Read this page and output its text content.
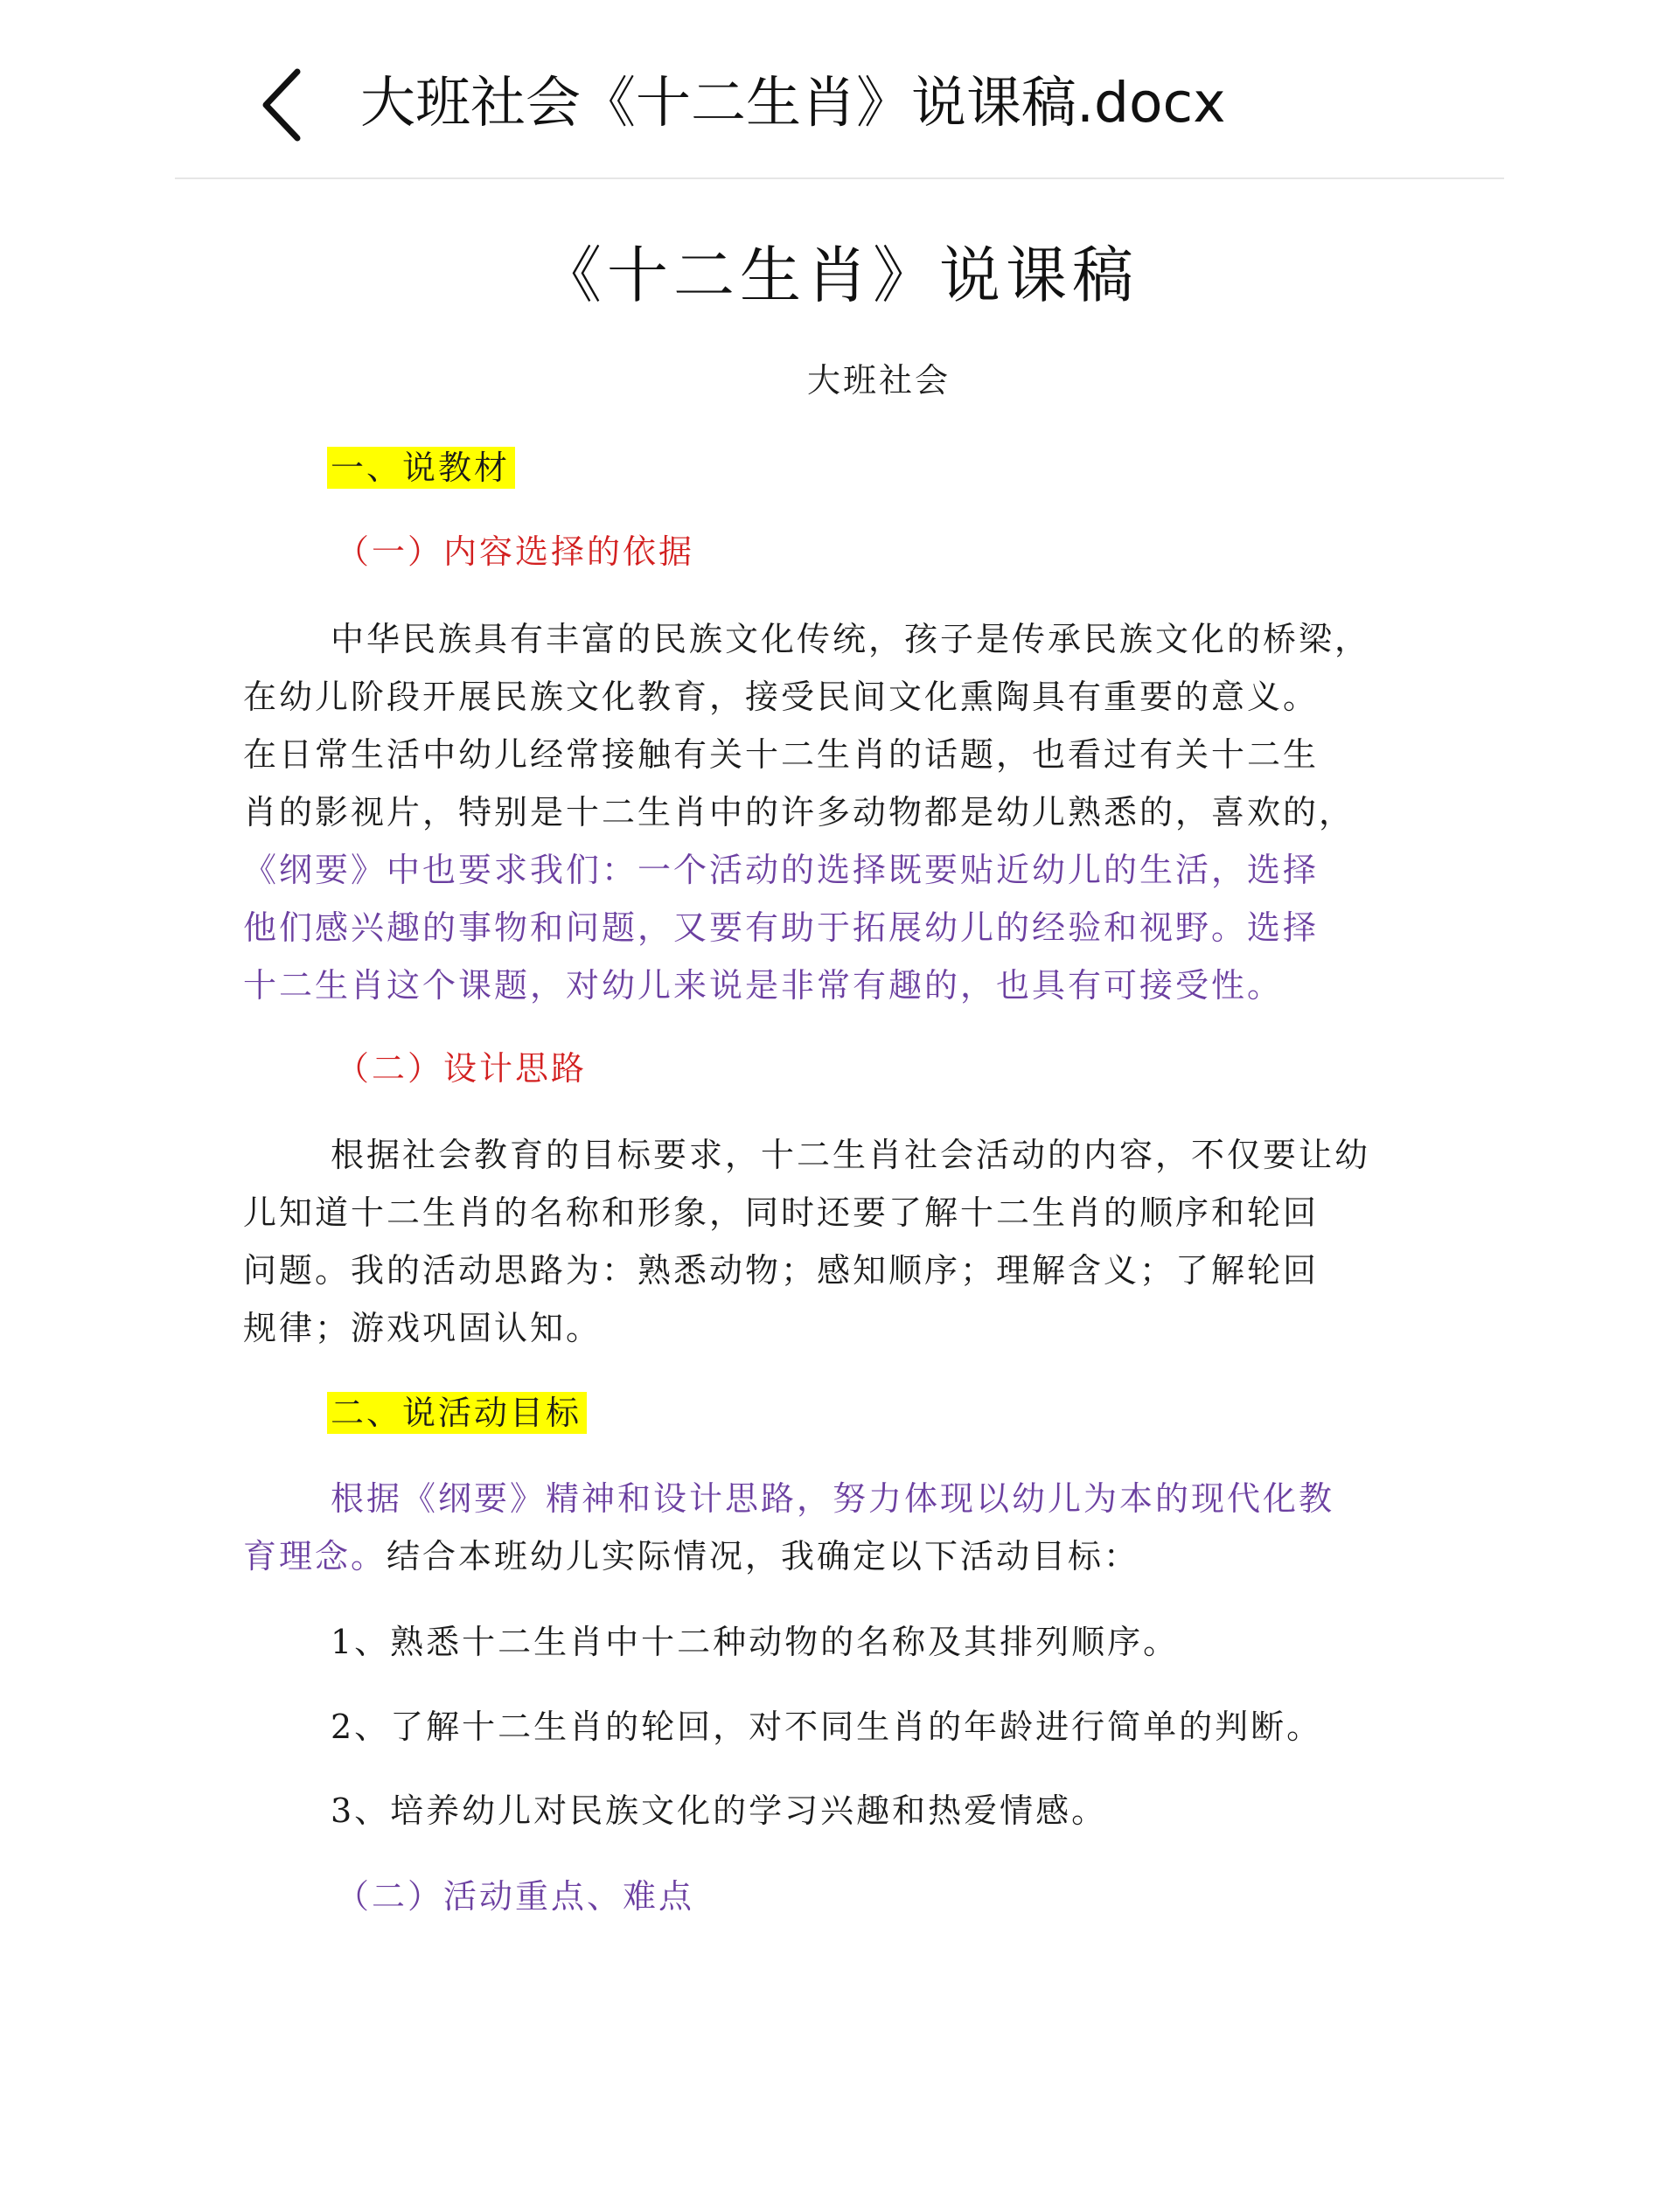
大班社会《十二生肖》说课稿.docx
《十二生肖》说课稿
大班社会
一、说教材
（一）内容选择的依据
中华民族具有丰富的民族文化传统，孩子是传承民族文化的桥梁，
在幼儿阶段开展民族文化教育，接受民间文化熏陶具有重要的意义。
在日常生活中幼儿经常接触有关十二生肖的话题，也看过有关十二生
肖的影视片，特别是十二生肖中的许多动物都是幼儿熟悉的，喜欢的，
《纲要》中也要求我们：一个活动的选择既要贴近幼儿的生活，选择
他们感兴趣的事物和问题，又要有助于拓展幼儿的经验和视野。选择
十二生肖这个课题，对幼儿来说是非常有趣的，也具有可接受性。
（二）设计思路
根据社会教育的目标要求，十二生肖社会活动的内容，不仅要让幼
儿知道十二生肖的名称和形象，同时还要了解十二生肖的顺序和轮回
问题。我的活动思路为：熟悉动物；感知顺序；理解含义；了解轮回
规律；游戏巩固认知。
二、说活动目标
根据《纲要》精神和设计思路，努力体现以幼儿为本的现代化教
育理念。结合本班幼儿实际情况，我确定以下活动目标：
1、熟悉十二生肖中十二种动物的名称及其排列顺序。
2、了解十二生肖的轮回，对不同生肖的年龄进行简单的判断。
3、培养幼儿对民族文化的学习兴趣和热爱情感。
（二）活动重点、难点
